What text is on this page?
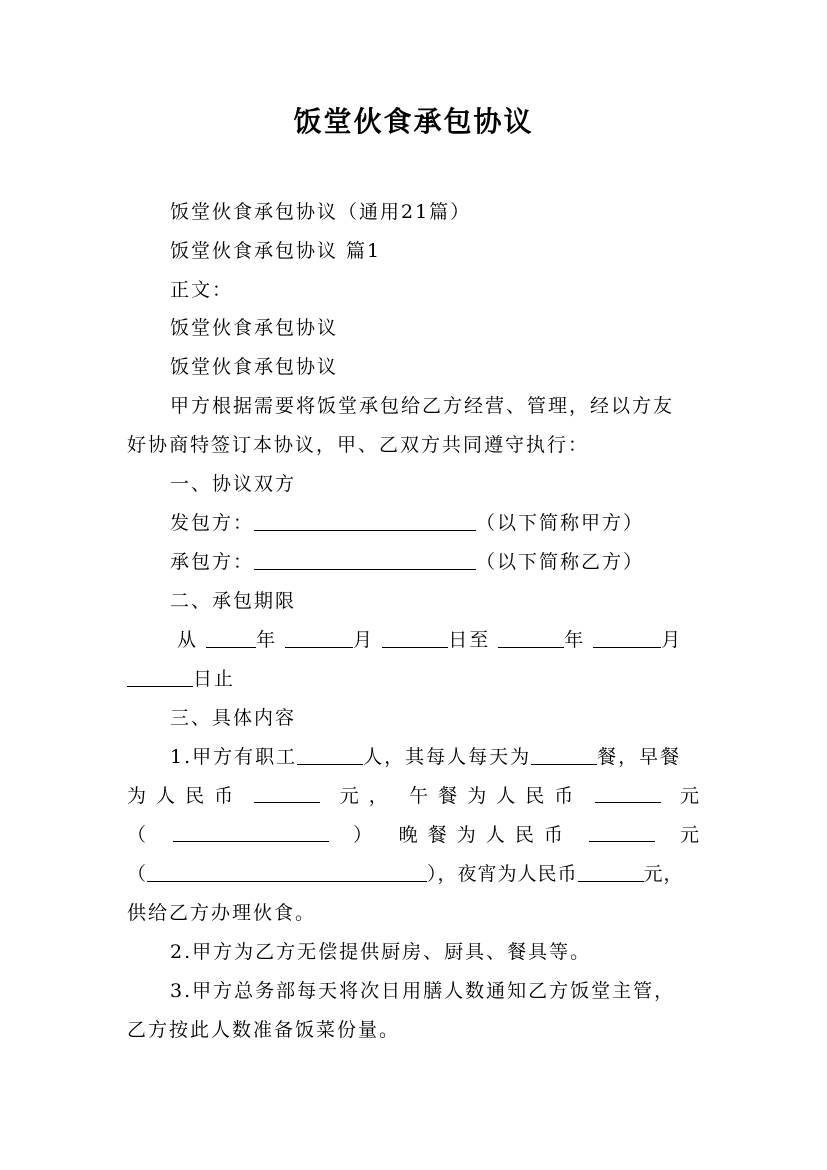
饭堂伙食承包协议
饭堂伙食承包协议（通用21篇）
饭堂伙食承包协议 篇1
正文：
饭堂伙食承包协议
饭堂伙食承包协议
甲方根据需要将饭堂承包给乙方经营、管理，经以方友
好协商特签订本协议，甲、乙双方共同遵守执行：
一、协议双方
发包方：	（以下简称甲方）
承包方：	（以下简称乙方）
二、承包期限
从	年	月	日至	年	月
日止
三、具体内容
1.甲方有职工	人，其每人每天为	餐，早餐
为 人 民 币	元 ， 午 餐 为 人 民 币	元
（	） 晚 餐 为 人 民 币	元
（	），夜宵为人民币	元，
供给乙方办理伙食。
2.甲方为乙方无偿提供厨房、厨具、餐具等。
3.甲方总务部每天将次日用膳人数通知乙方饭堂主管，
乙方按此人数准备饭菜份量。
